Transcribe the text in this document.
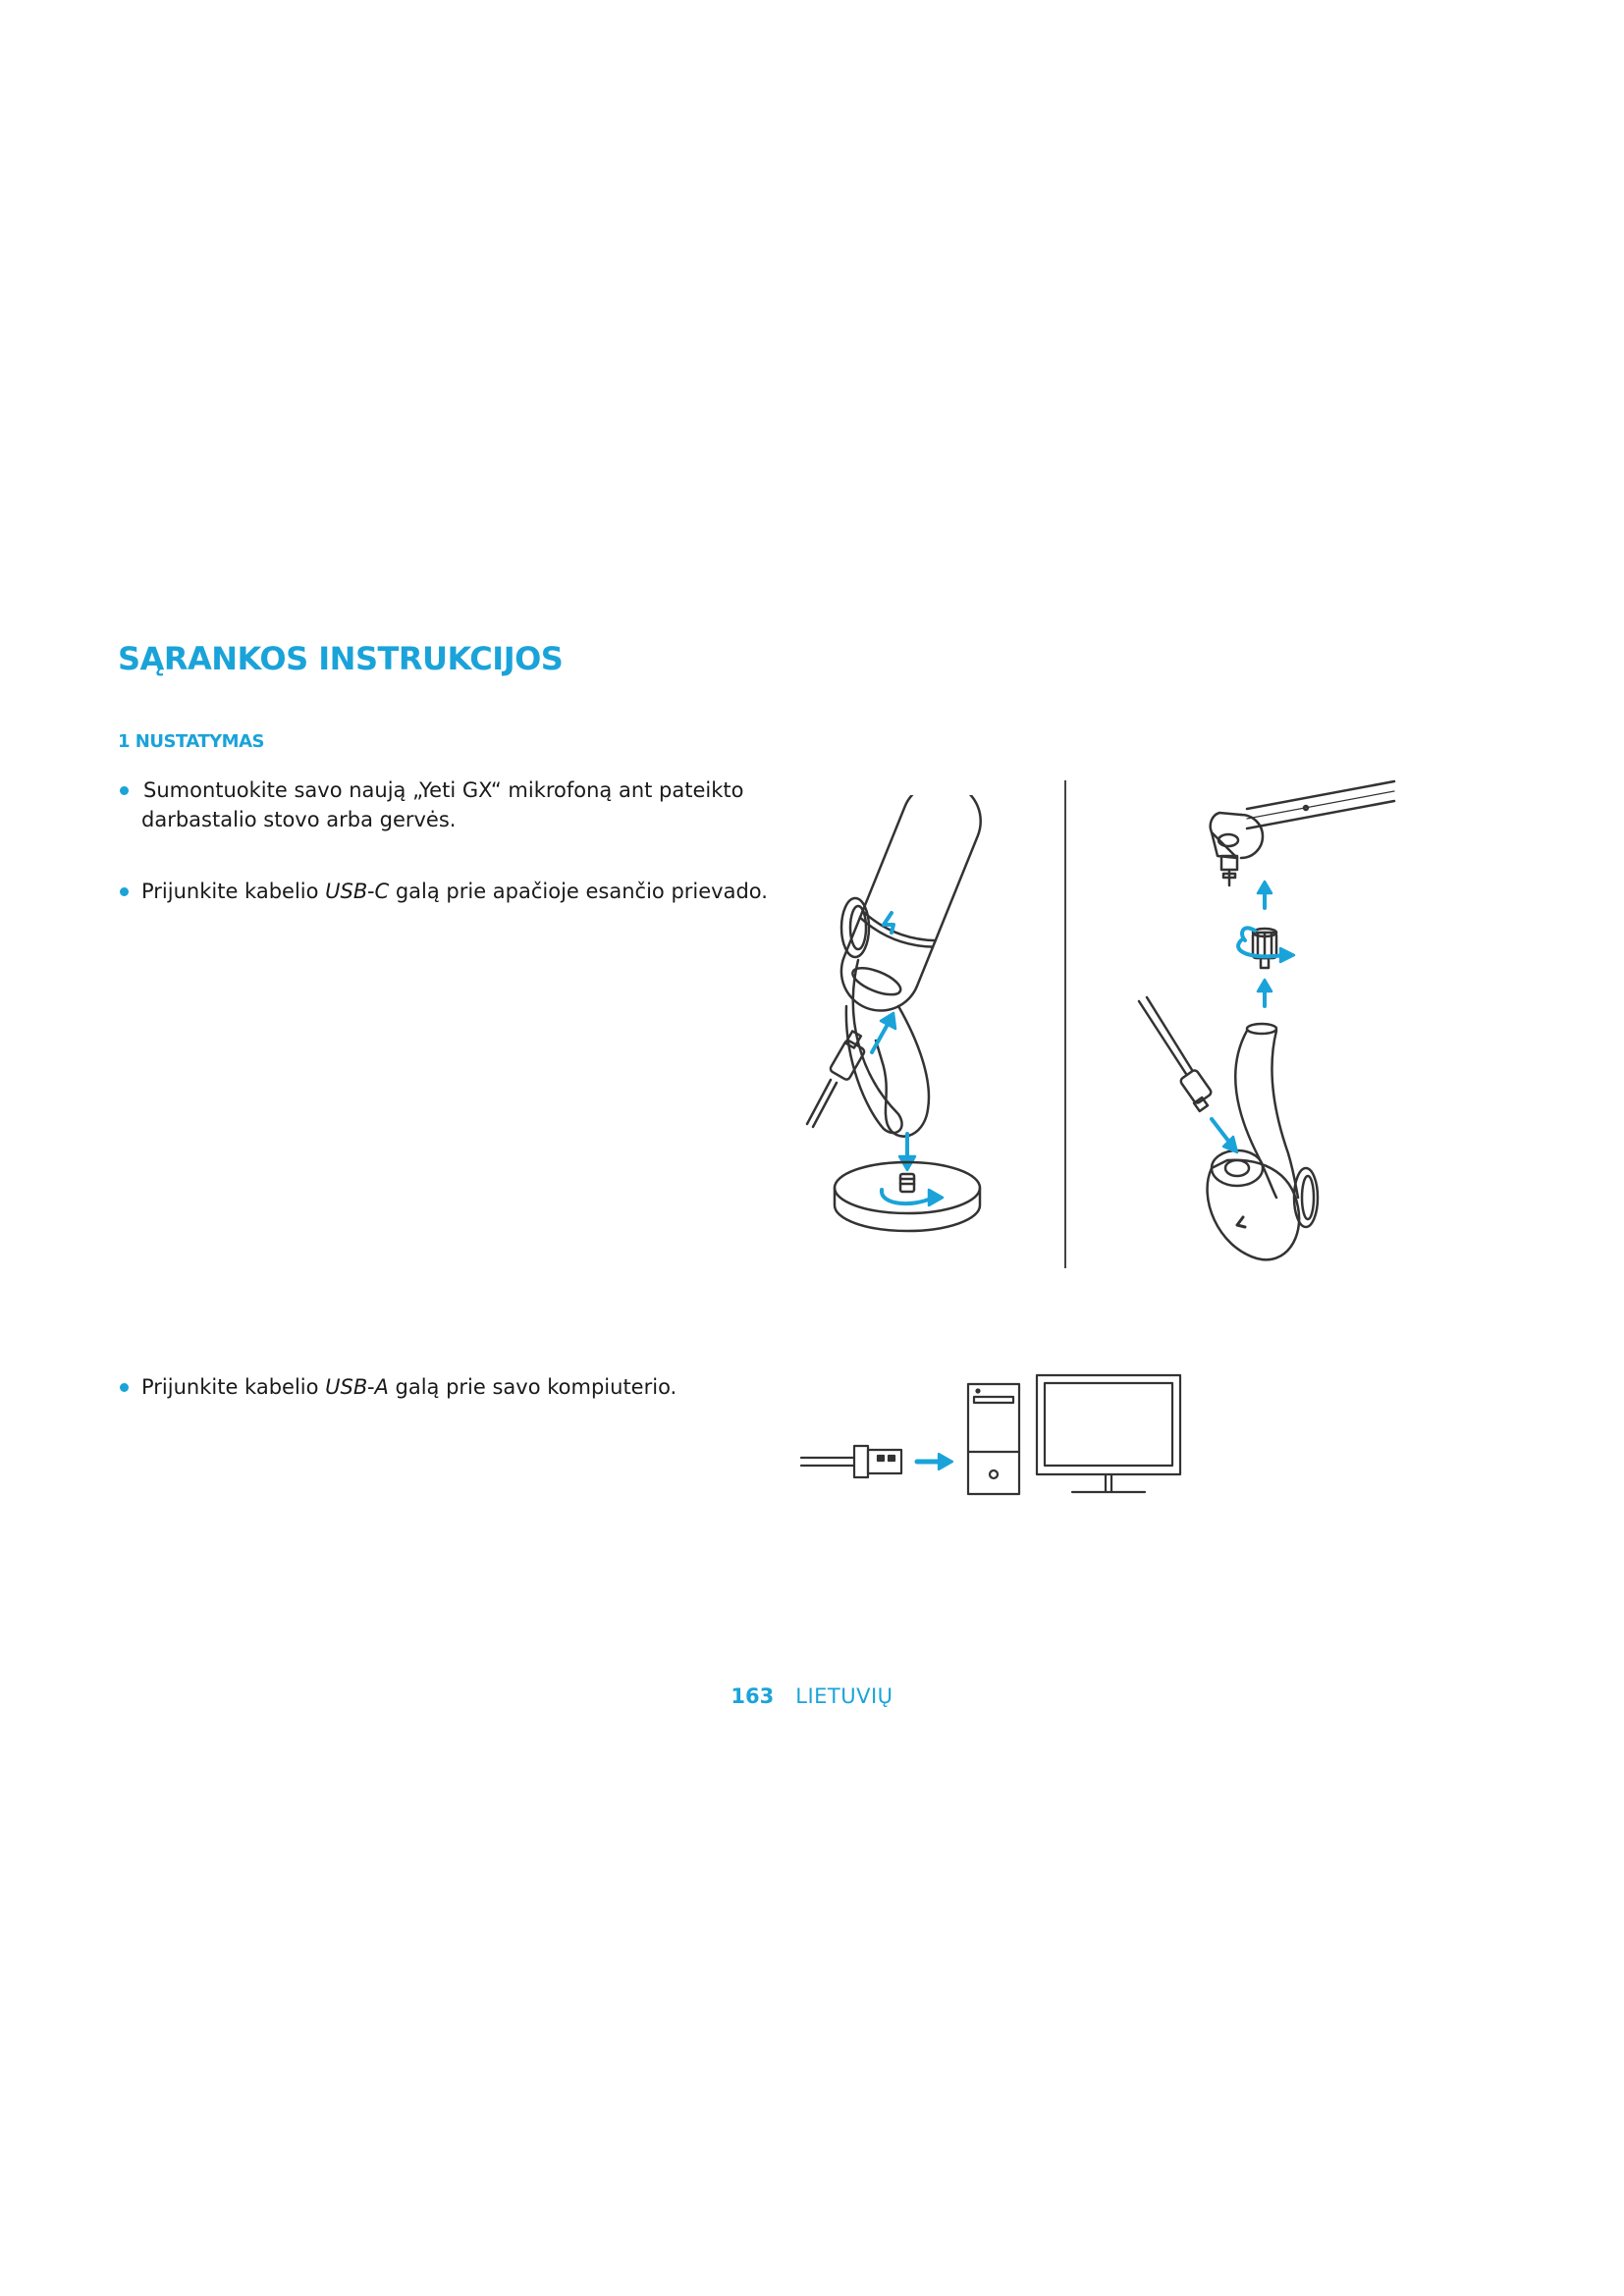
SĄRANKOS INSTRUKCIJOS
1 NUSTATYMAS
Sumontuokite savo naują „Yeti GX“ mikrofoną ant pateikto
darbastalio stovo arba gervės.
Prijunkite kabelio USB-C galą prie apačioje esančio prievado.
Prijunkite kabelio USB-A galą prie savo kompiuterio.
163 LIETUVIŲ
